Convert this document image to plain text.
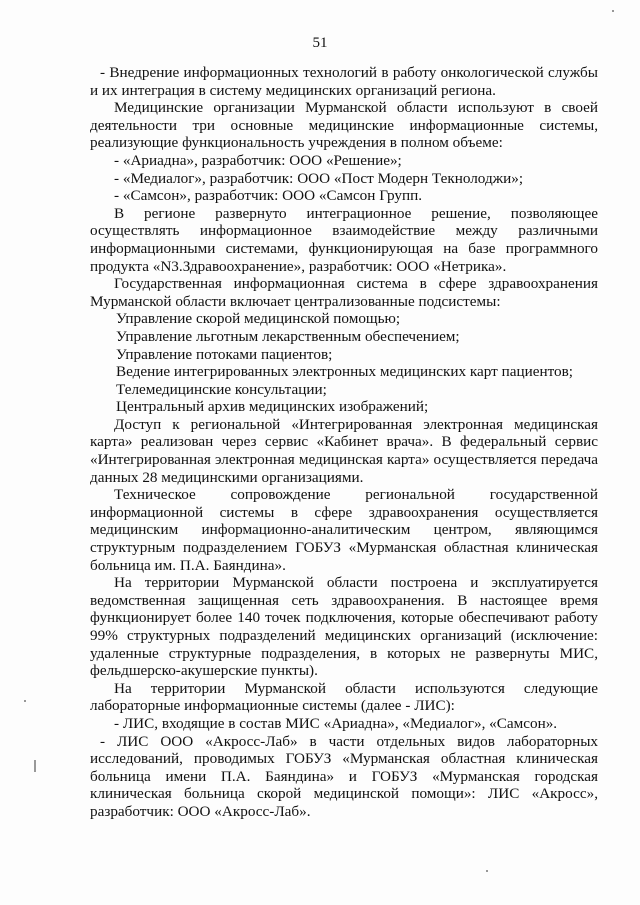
51

- Внедрение информационных технологий в работу онкологической службы и их интеграция в систему медицинских организаций региона.

Медицинские организации Мурманской области используют в своей деятельности три основные медицинские информационные системы, реализующие функциональность учреждения в полном объеме:

- «Ариадна», разработчик: ООО «Решение»;

- «Медиалог», разработчик: ООО «Пост Модерн Текнолоджи»;

- «Самсон», разработчик: ООО «Самсон Групп.

В регионе развернуто интеграционное решение, позволяющее осуществлять информационное взаимодействие между различными информационными системами, функционирующая на базе программного продукта «N3.Здравоохранение», разработчик: ООО «Нетрика».

Государственная информационная система в сфере здравоохранения Мурманской области включает централизованные подсистемы:

Управление скорой медицинской помощью;

Управление льготным лекарственным обеспечением;

Управление потоками пациентов;

Ведение интегрированных электронных медицинских карт пациентов;

Телемедицинские консультации;

Центральный архив медицинских изображений;

Доступ к региональной «Интегрированная электронная медицинская карта» реализован через сервис «Кабинет врача». В федеральный сервис «Интегрированная электронная медицинская карта» осуществляется передача данных 28 медицинскими организациями.

Техническое сопровождение региональной государственной информационной системы в сфере здравоохранения осуществляется медицинским информационно-аналитическим центром, являющимся структурным подразделением ГОБУЗ «Мурманская областная клиническая больница им. П.А. Баяндина».

На территории Мурманской области построена и эксплуатируется ведомственная защищенная сеть здравоохранения. В настоящее время функционирует более 140 точек подключения, которые обеспечивают работу 99% структурных подразделений медицинских организаций (исключение: удаленные структурные подразделения, в которых не развернуты МИС, фельдшерско-акушерские пункты).

На территории Мурманской области используются следующие лабораторные информационные системы (далее - ЛИС):

- ЛИС, входящие в состав МИС «Ариадна», «Медиалог», «Самсон».

- ЛИС ООО «Акросс-Лаб» в части отдельных видов лабораторных исследований, проводимых ГОБУЗ «Мурманская областная клиническая больница имени П.А. Баяндина» и ГОБУЗ «Мурманская городская клиническая больница скорой медицинской помощи»: ЛИС «Акросс», разработчик: ООО «Акросс-Лаб».
